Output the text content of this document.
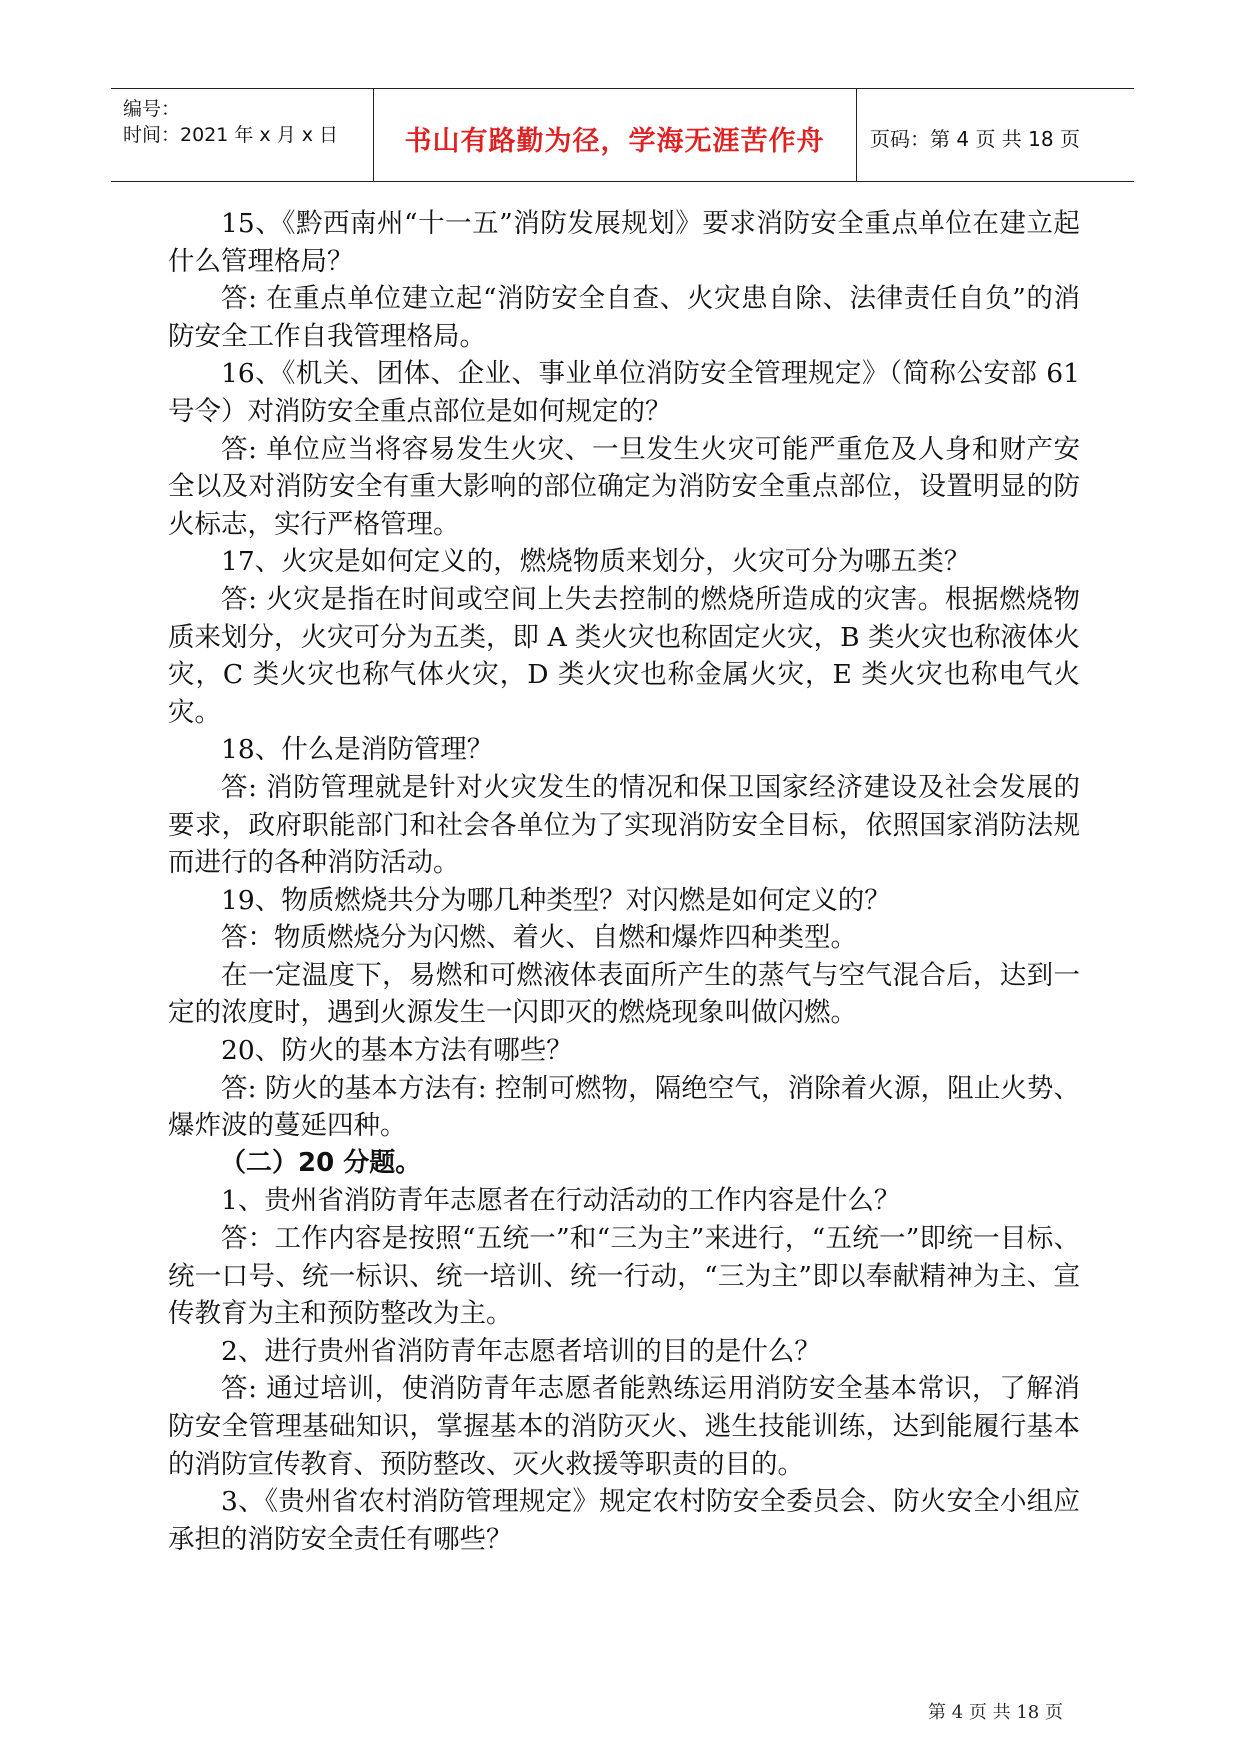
编号：
时间：2021 年 x 月 x 日	书山有路勤为径，学海无涯苦作舟	页码：第 4 页 共 18 页

15、《黔西南州“十一五”消防发展规划》要求消防安全重点单位在建立起什么管理格局？

答: 在重点单位建立起“消防安全自查、火灾患自除、法律责任自负”的消防安全工作自我管理格局。

16、《机关、团体、企业、事业单位消防安全管理规定》（简称公安部 61 号令）对消防安全重点部位是如何规定的？

答: 单位应当将容易发生火灾、一旦发生火灾可能严重危及人身和财产安全以及对消防安全有重大影响的部位确定为消防安全重点部位，设置明显的防火标志，实行严格管理。

17、火灾是如何定义的，燃烧物质来划分，火灾可分为哪五类？

答: 火灾是指在时间或空间上失去控制的燃烧所造成的灾害。根据燃烧物质来划分，火灾可分为五类，即 A 类火灾也称固定火灾，B 类火灾也称液体火灾，C 类火灾也称气体火灾，D 类火灾也称金属火灾，E 类火灾也称电气火灾。

18、什么是消防管理？

答: 消防管理就是针对火灾发生的情况和保卫国家经济建设及社会发展的要求，政府职能部门和社会各单位为了实现消防安全目标，依照国家消防法规而进行的各种消防活动。

19、物质燃烧共分为哪几种类型？对闪燃是如何定义的？

答：物质燃烧分为闪燃、着火、自燃和爆炸四种类型。

在一定温度下，易燃和可燃液体表面所产生的蒸气与空气混合后，达到一定的浓度时，遇到火源发生一闪即灭的燃烧现象叫做闪燃。

20、防火的基本方法有哪些？

答: 防火的基本方法有: 控制可燃物，隔绝空气，消除着火源，阻止火势、爆炸波的蔓延四种。

（二）20 分题。

1、贵州省消防青年志愿者在行动活动的工作内容是什么？

答：工作内容是按照“五统一”和“三为主”来进行，“五统一”即统一目标、统一口号、统一标识、统一培训、统一行动，“三为主”即以奉献精神为主、宣传教育为主和预防整改为主。

2、进行贵州省消防青年志愿者培训的目的是什么？

答: 通过培训，使消防青年志愿者能熟练运用消防安全基本常识，了解消防安全管理基础知识，掌握基本的消防灭火、逃生技能训练，达到能履行基本的消防宣传教育、预防整改、灭火救援等职责的目的。

3、《贵州省农村消防管理规定》规定农村防安全委员会、防火安全小组应承担的消防安全责任有哪些？

第 4 页 共 18 页
